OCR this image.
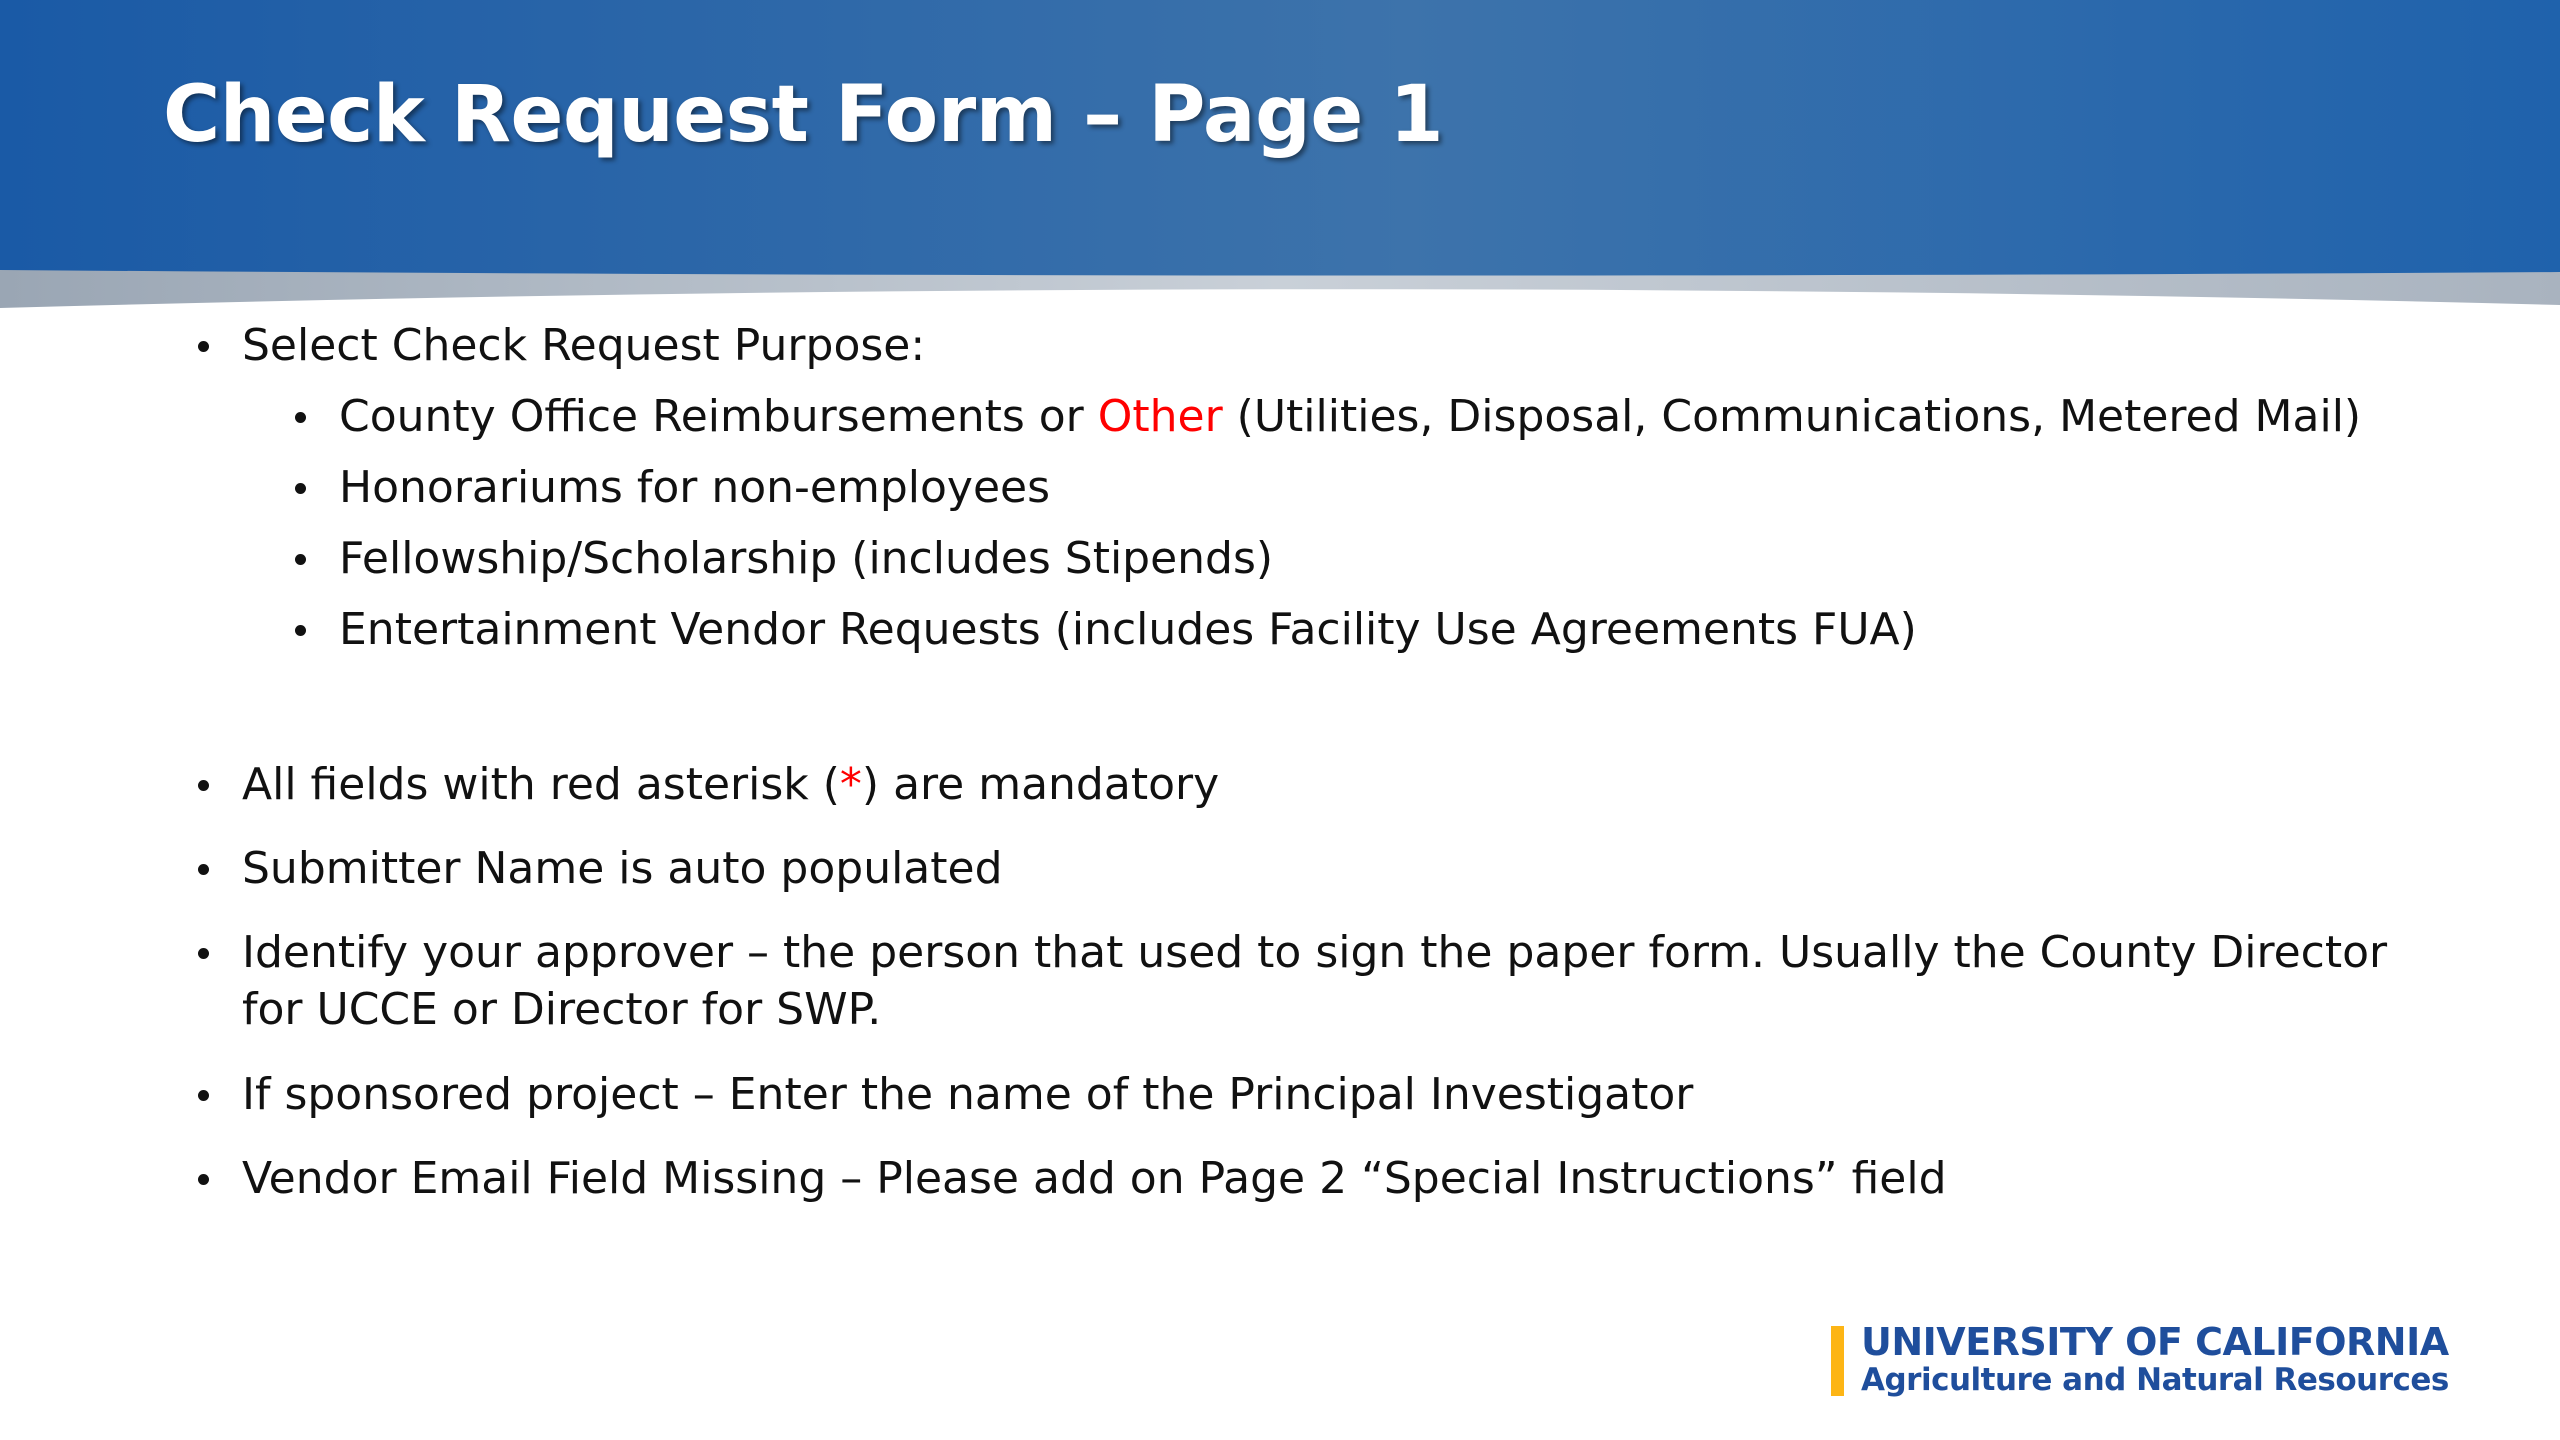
Check Request Form – Page 1
Select Check Request Purpose:
County Office Reimbursements or Other (Utilities, Disposal, Communications, Metered Mail)
Honorariums for non-employees
Fellowship/Scholarship (includes Stipends)
Entertainment Vendor Requests (includes Facility Use Agreements FUA)
All fields with red asterisk (*) are mandatory
Submitter Name is auto populated
Identify your approver – the person that used to sign the paper form. Usually the County Director
for UCCE or Director for SWP.
If sponsored project – Enter the name of the Principal Investigator
Vendor Email Field Missing – Please add on Page 2 “Special Instructions” field
UNIVERSITY OF CALIFORNIA
Agriculture and Natural Resources
